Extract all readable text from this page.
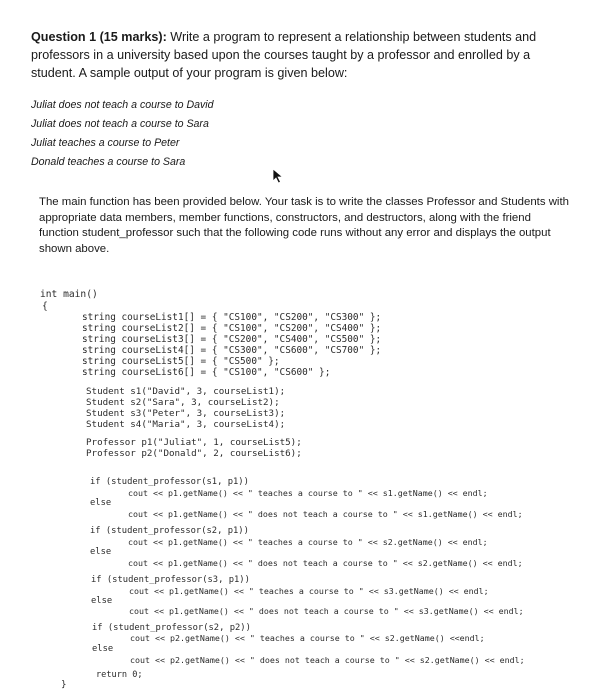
Question 1 (15 marks): Write a program to represent a relationship between students and professors in a university based upon the courses taught by a professor and enrolled by a student. A sample output of your program is given below:
Juliat does not teach a course to David
Juliat does not teach a course to Sara
Juliat teaches a course to Peter
Donald teaches a course to Sara
The main function has been provided below. Your task is to write the classes Professor and Students with appropriate data members, member functions, constructors, and destructors, along with the friend function student_professor such that the following code runs without any error and displays the output shown above.
int main()
{
string courseList1[] = { "CS100", "CS200", "CS300" };
string courseList2[] = { "CS100", "CS200", "CS400" };
string courseList3[] = { "CS200", "CS400", "CS500" };
string courseList4[] = { "CS300", "CS600", "CS700" };
string courseList5[] = { "CS500" };
string courseList6[] = { "CS100", "CS600" };
Student s1("David", 3, courseList1);
Student s2("Sara", 3, courseList2);
Student s3("Peter", 3, courseList3);
Student s4("Maria", 3, courseList4);
Professor p1("Juliat", 1, courseList5);
Professor p2("Donald", 2, courseList6);
if (student_professor(s1, p1))
cout << p1.getName() << " teaches a course to " << s1.getName() << endl;
else
cout << p1.getName() << " does not teach a course to " << s1.getName() << endl;
if (student_professor(s2, p1))
cout << p1.getName() << " teaches a course to " << s2.getName() << endl;
else
cout << p1.getName() << " does not teach a course to " << s2.getName() << endl;
if (student_professor(s3, p1))
cout << p1.getName() << " teaches a course to " << s3.getName() << endl;
else
cout << p1.getName() << " does not teach a course to " << s3.getName() << endl;
if (student_professor(s2, p2))
cout << p2.getName() << " teaches a course to " << s2.getName() <<endl;
else
cout << p2.getName() << " does not teach a course to " << s2.getName() << endl;
return 0;
}
